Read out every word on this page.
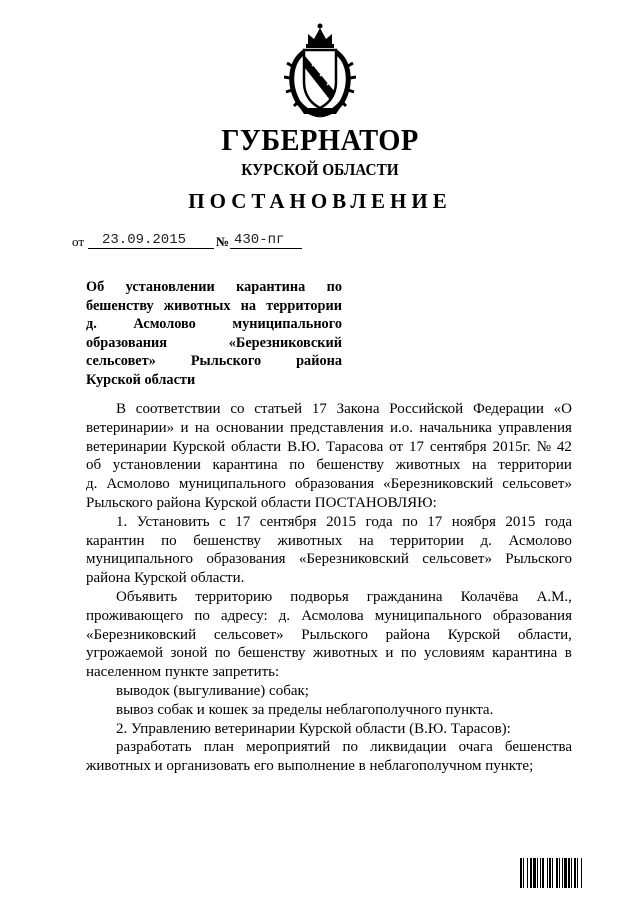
ГУБЕРНАТОР
КУРСКОЙ ОБЛАСТИ
ПОСТАНОВЛЕНИЕ
от 23.09.2015 № 430-пг
Об установлении карантина по
бешенству животных на территории
д.	Асмолово	муниципального
образования	«Березниковский
сельсовет» Рыльского района
Курской области
В соответствии со статьей 17 Закона Российской Федерации «О
ветеринарии» и на основании представления и.о. начальника управления
ветеринарии Курской области В.Ю. Тарасова от 17 сентября 2015г. № 42
об установлении карантина по бешенству животных на территории
д. Асмолово муниципального образования «Березниковский сельсовет»
Рыльского района Курской области ПОСТАНОВЛЯЮ:
1. Установить с 17 сентября 2015 года по 17 ноября 2015 года
карантин по бешенству животных на территории д. Асмолово
муниципального образования «Березниковский сельсовет» Рыльского
района Курской области.
Объявить территорию подворья гражданина Колачёва А.М.,
проживающего по адресу: д. Асмолова муниципального образования
«Березниковский сельсовет» Рыльского района Курской области,
угрожаемой зоной по бешенству животных и по условиям карантина в
населенном пункте запретить:
выводок (выгуливание) собак;
вывоз собак и кошек за пределы неблагополучного пункта.
2. Управлению ветеринарии Курской области (В.Ю. Тарасов):
разработать план мероприятий по ликвидации очага бешенства
животных и организовать его выполнение в неблагополучном пункте;
